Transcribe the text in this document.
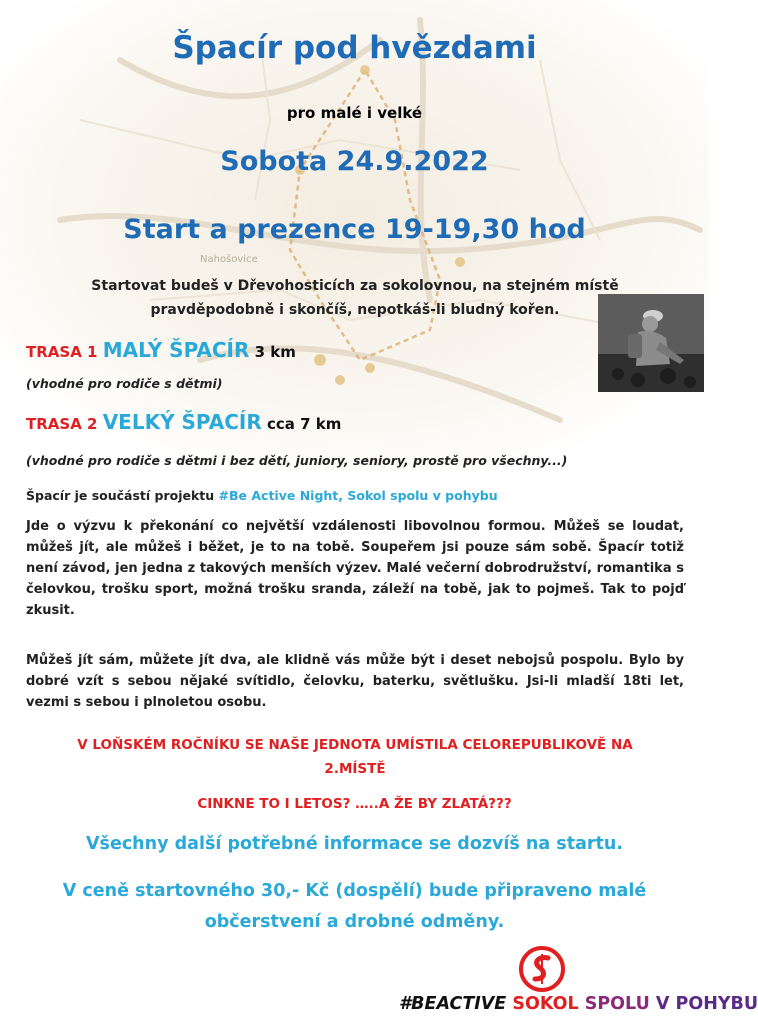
Nahošovice

Špacír pod hvězdami

pro malé i velké

Sobota 24.9.2022

Start a prezence 19-19,30 hod

Startovat budeš v Dřevohosticích za sokolovnou, na stejném místě
pravděpodobně i skončíš, nepotkáš-li bludný kořen.
TRASA 1 MALÝ ŠPACÍR 3 km

(vhodné pro rodiče s dětmi)

TRASA 2 VELKÝ ŠPACÍR cca 7 km

(vhodné pro rodiče s dětmi i bez dětí, juniory, seniory, prostě pro všechny...)

Špacír je součástí projektu #Be Active Night, Sokol spolu v pohybu

Jde o výzvu k překonání co největší vzdálenosti libovolnou formou. Můžeš se loudat, můžeš jít, ale můžeš i běžet, je to na tobě. Soupeřem jsi pouze sám sobě. Špacír totiž není závod, jen jedna z takových menších výzev. Malé večerní dobrodružství, romantika s čelovkou, trošku sport, možná trošku sranda, záleží na tobě, jak to pojmeš. Tak to pojď zkusit.

Můžeš jít sám, můžete jít dva, ale klidně vás může být i deset nebojsů pospolu. Bylo by dobré vzít s sebou nějaké svítidlo, čelovku, baterku, světlušku. Jsi-li mladší 18ti let, vezmi s sebou i plnoletou osobu.

V LOŇSKÉM ROČNÍKU SE NAŠE JEDNOTA UMÍSTILA CELOREPUBLIKOVĚ NA
2.MÍSTĚ

CINKNE TO I LETOS? …..A ŽE BY ZLATÁ???

Všechny další potřebné informace se dozvíš na startu.

V ceně startovného 30,- Kč (dospělí) bude připraveno malé
občerstvení a drobné odměny.
#BEACTIVE SOKOL SPOLU V POHYBU
